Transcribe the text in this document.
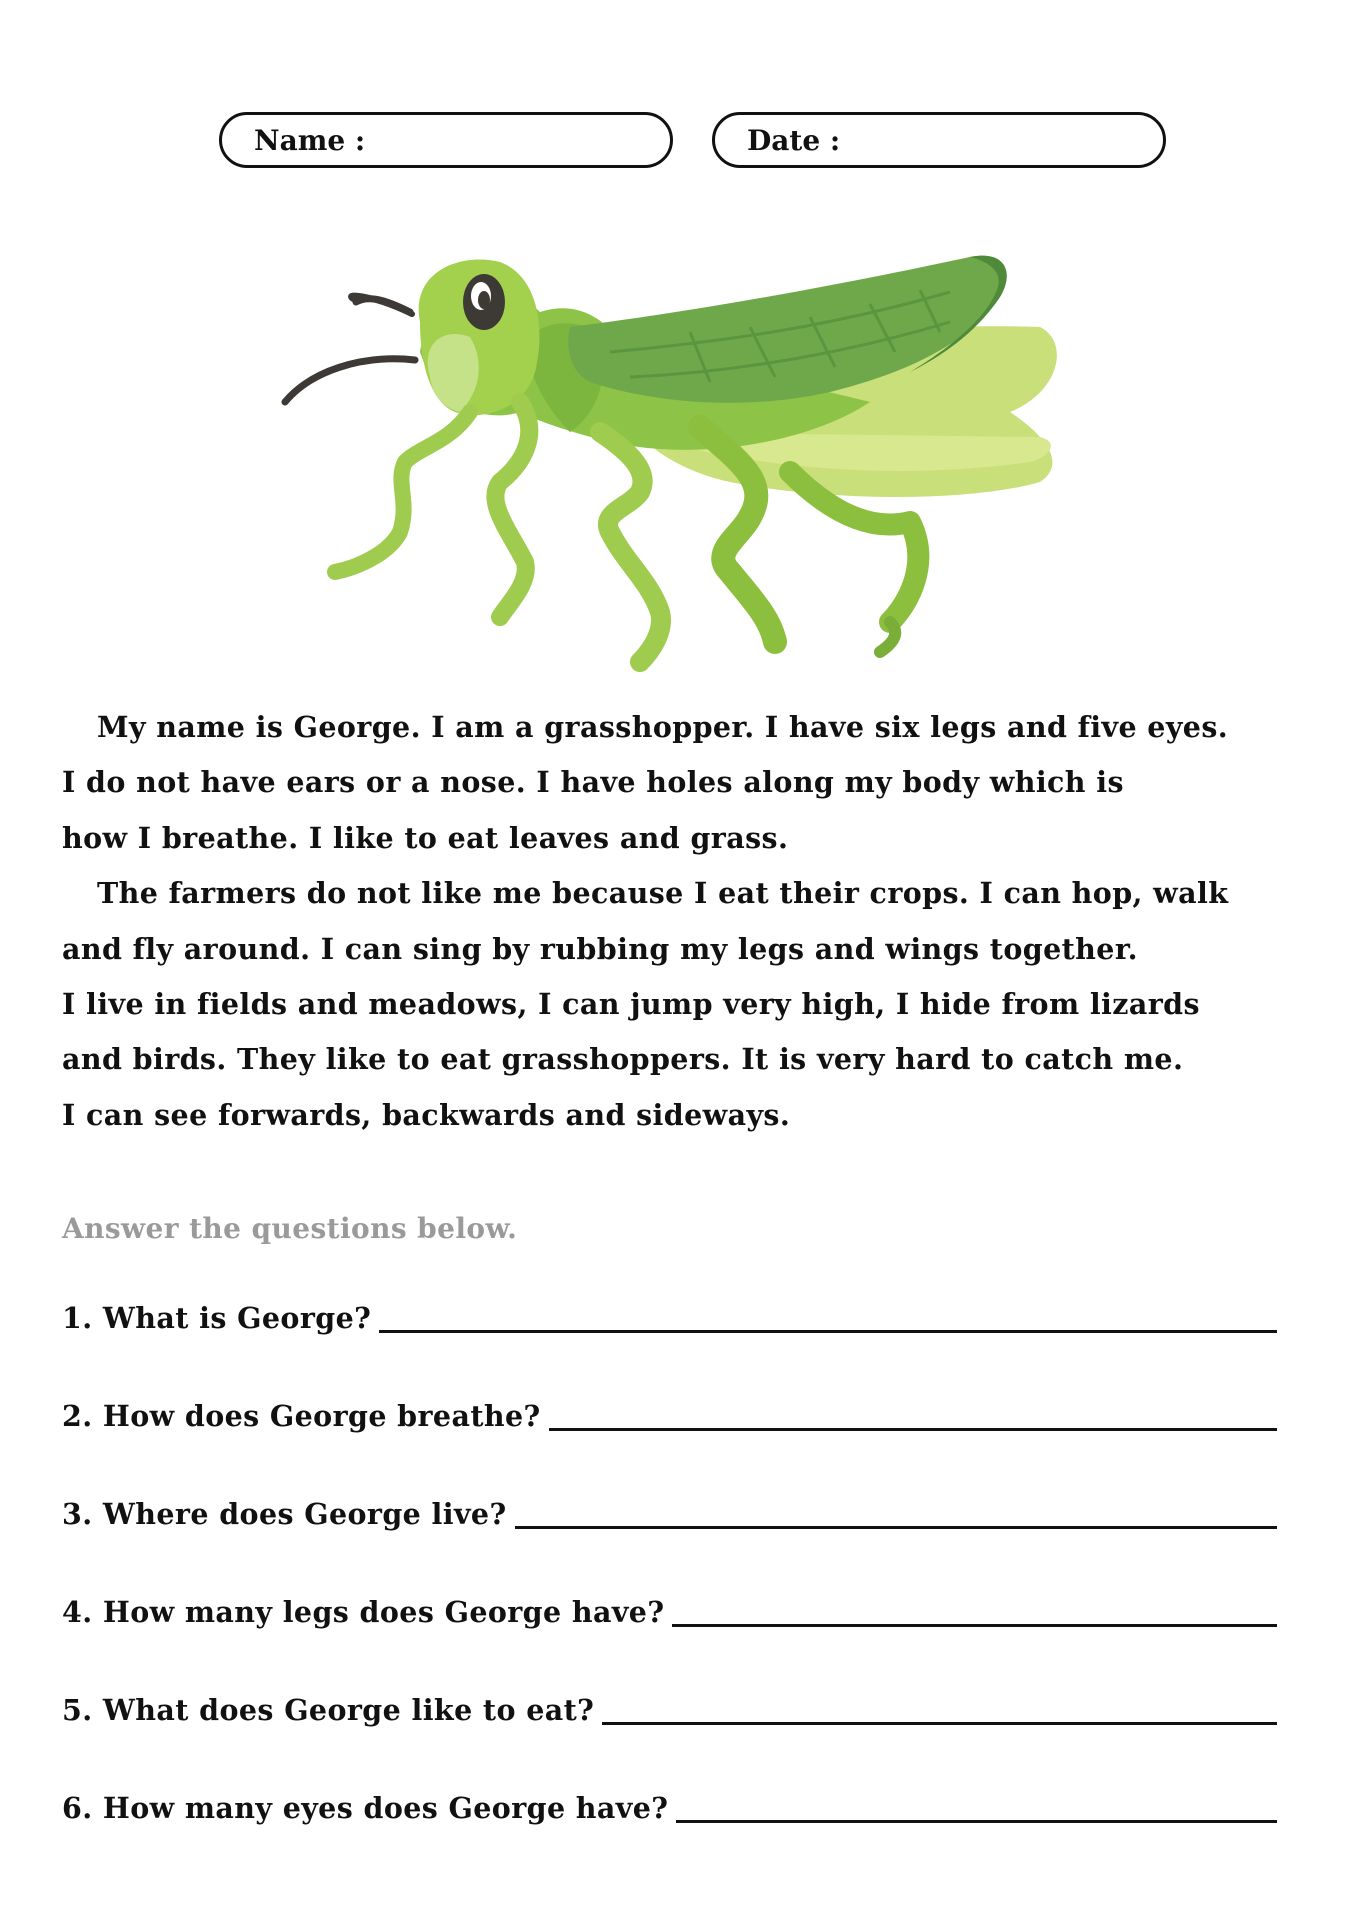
Name :	Date :
My name is George. I am a grasshopper. I have six legs and five eyes.
I do not have ears or a nose. I have holes along my body which is
how I breathe. I like to eat leaves and grass.
The farmers do not like me because I eat their crops. I can hop, walk
and fly around. I can sing by rubbing my legs and wings together.
I live in fields and meadows, I can jump very high, I hide from lizards
and birds. They like to eat grasshoppers. It is very hard to catch me.
I can see forwards, backwards and sideways.
Answer the questions below.
1. What is George?
2. How does George breathe?
3. Where does George live?
4. How many legs does George have?
5. What does George like to eat?
6. How many eyes does George have?
